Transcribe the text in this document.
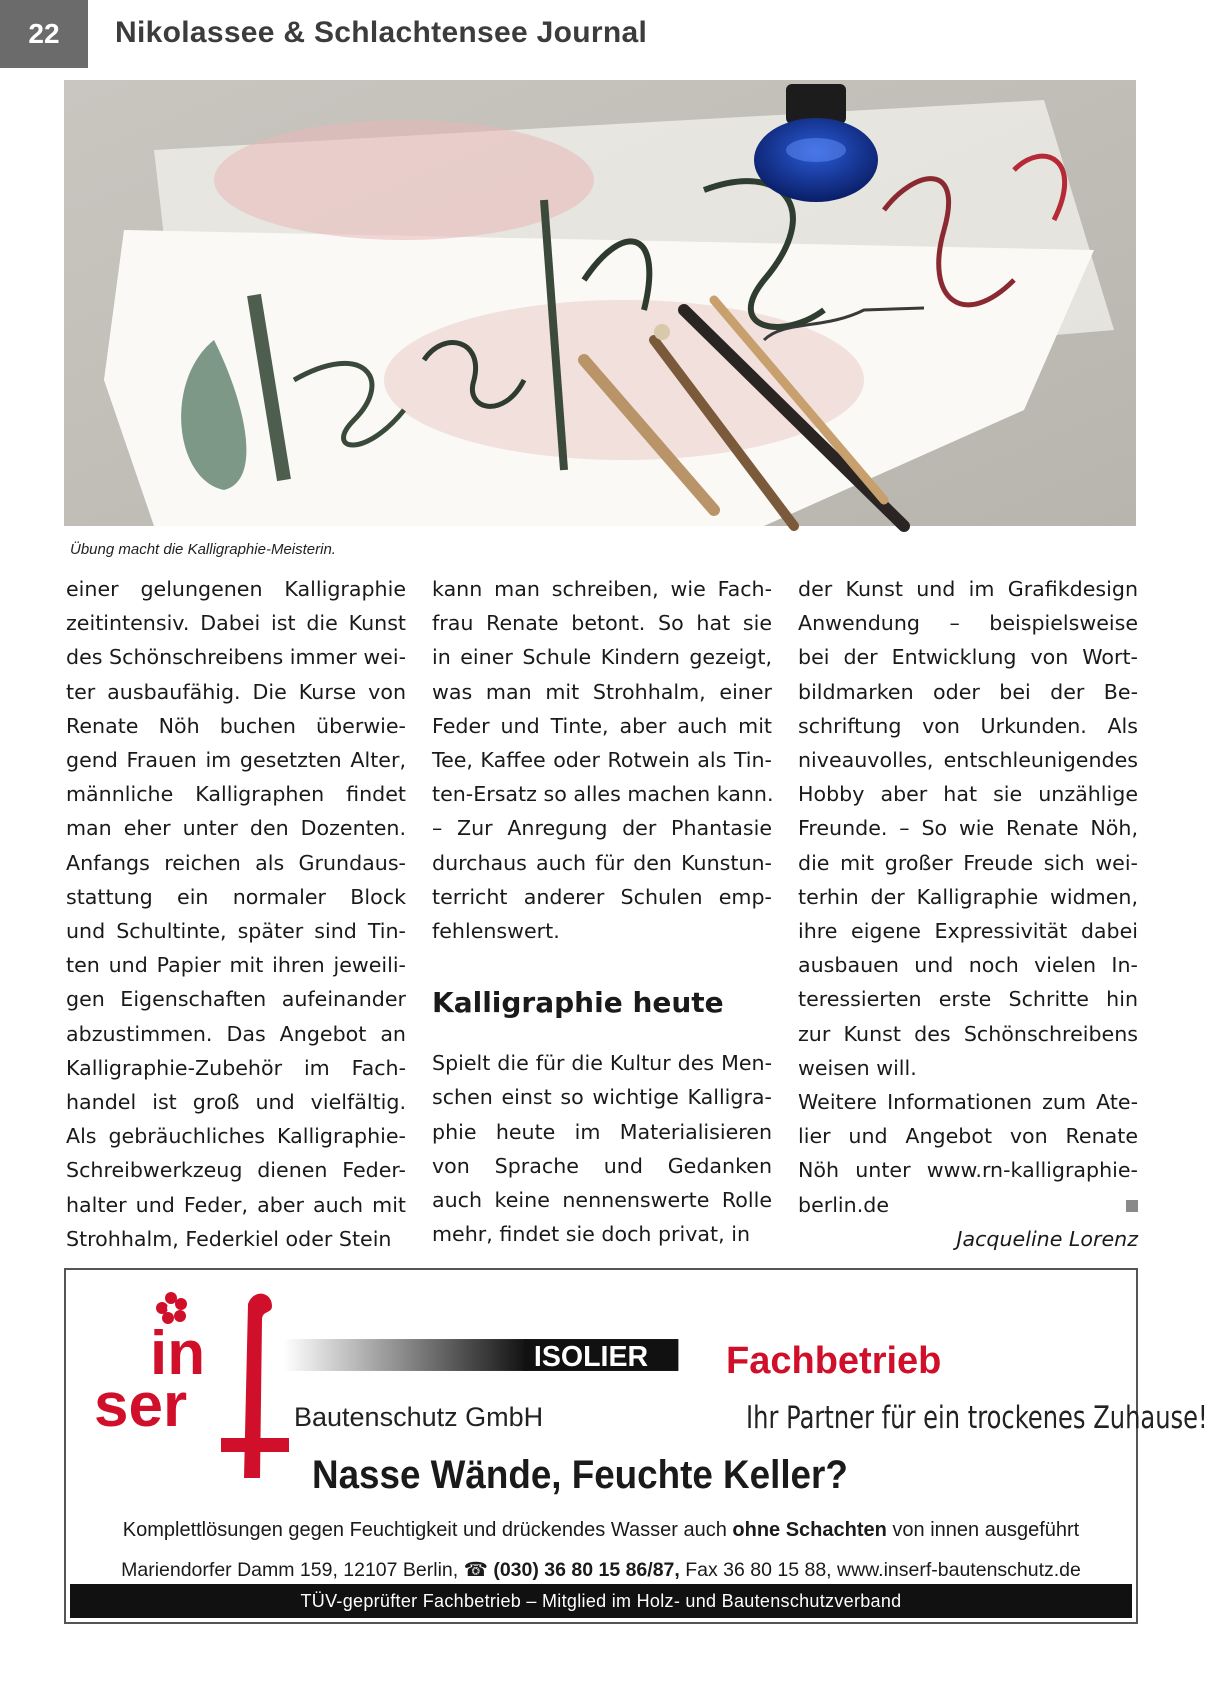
22	Nikolassee & Schlachtensee Journal
Übung macht die Kalligraphie-Meisterin.
einer gelungenen Kalligraphie
zeitintensiv. Dabei ist die Kunst
des Schönschreibens immer wei-
ter ausbaufähig. Die Kurse von
Renate Nöh buchen überwie-
gend Frauen im gesetzten Alter,
männliche Kalligraphen findet
man eher unter den Dozenten.
Anfangs reichen als Grundaus-
stattung ein normaler Block
und Schultinte, später sind Tin-
ten und Papier mit ihren jeweili-
gen Eigenschaften aufeinander
abzustimmen. Das Angebot an
Kalligraphie-Zubehör im Fach-
handel ist groß und vielfältig.
Als gebräuchliches Kalligraphie-
Schreibwerkzeug dienen Feder-
halter und Feder, aber auch mit
Strohhalm, Federkiel oder Stein
kann man schreiben, wie Fach-
frau Renate betont. So hat sie
in einer Schule Kindern gezeigt,
was man mit Strohhalm, einer
Feder und Tinte, aber auch mit
Tee, Kaffee oder Rotwein als Tin-
ten-Ersatz so alles machen kann.
– Zur Anregung der Phantasie
durchaus auch für den Kunstun-
terricht anderer Schulen emp-
fehlenswert.
Kalligraphie heute
Spielt die für die Kultur des Men-
schen einst so wichtige Kalligra-
phie heute im Materialisieren
von Sprache und Gedanken
auch keine nennenswerte Rolle
mehr, findet sie doch privat, in
der Kunst und im Grafikdesign
Anwendung – beispielsweise
bei der Entwicklung von Wort-
bildmarken oder bei der Be-
schriftung von Urkunden. Als
niveauvolles, entschleunigendes
Hobby aber hat sie unzählige
Freunde. – So wie Renate Nöh,
die mit großer Freude sich wei-
terhin der Kalligraphie widmen,
ihre eigene Expressivität dabei
ausbauen und noch vielen In-
teressierten erste Schritte hin
zur Kunst des Schönschreibens
weisen will.
Weitere Informationen zum Ate-
lier und Angebot von Renate
Nöh unter www.rn-kalligraphie-
berlin.de
Jacqueline Lorenz
in
ser
ISOLIER Fachbetrieb
Bautenschutz GmbH	Ihr Partner für ein trockenes Zuhause!
Nasse Wände, Feuchte Keller?
Komplettlösungen gegen Feuchtigkeit und drückendes Wasser auch ohne Schachten von innen ausgeführt
Mariendorfer Damm 159, 12107 Berlin, ☎ (030) 36 80 15 86/87, Fax 36 80 15 88, www.inserf-bautenschutz.de
TÜV-geprüfter Fachbetrieb – Mitglied im Holz- und Bautenschutzverband
